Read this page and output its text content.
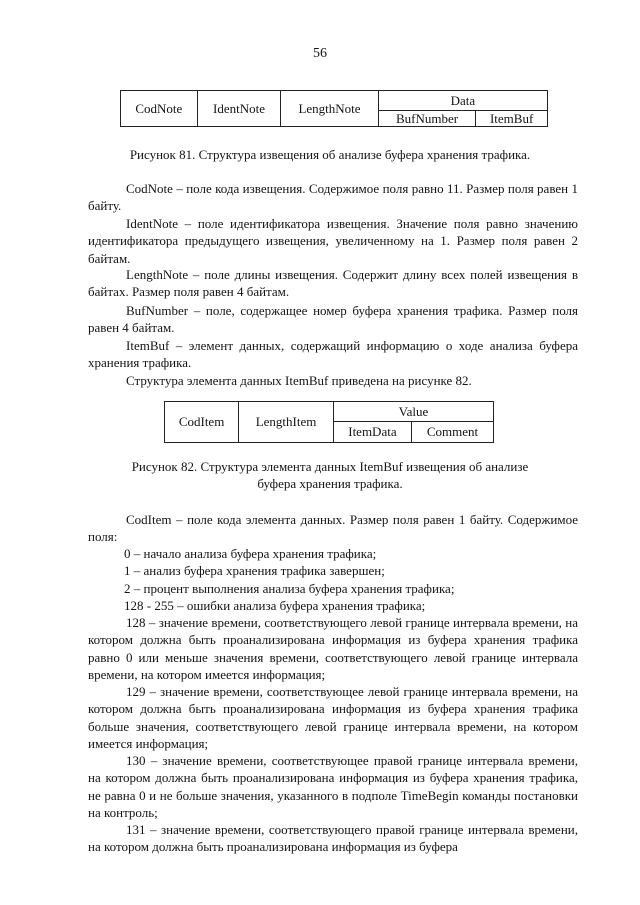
56
CodNote	IdentNote	LengthNote	Data	
			BufNumber	ItemBuf
Рисунок 81. Структура извещения об анализе буфера хранения трафика.

CodNote – поле кода извещения. Содержимое поля равно 11. Размер поля равен 1 байту.

IdentNote – поле идентификатора извещения. Значение поля равно значению идентификатора предыдущего извещения, увеличенному на 1. Размер поля равен 2 байтам.

LengthNote – поле длины извещения. Содержит длину всех полей извещения в байтах. Размер поля равен 4 байтам.

BufNumber – поле, содержащее номер буфера хранения трафика. Размер поля равен 4 байтам.

ItemBuf – элемент данных, содержащий информацию о ходе анализа буфера хранения трафика.

Структура элемента данных ItemBuf приведена на рисунке 82.

CodItem	LengthItem	Value	
		ItemData	Comment
Рисунок 82. Структура элемента данных ItemBuf извещения об анализе
буфера хранения трафика.

CodItem – поле кода элемента данных. Размер поля равен 1 байту. Содержимое поля:

0 – начало анализа буфера хранения трафика;
1 – анализ буфера хранения трафика завершен;
2 – процент выполнения анализа буфера хранения трафика;
128 - 255 – ошибки анализа буфера хранения трафика;

128 – значение времени, соответствующего левой границе интервала времени, на котором должна быть проанализирована информация из буфера хранения трафика равно 0 или меньше значения времени, соответствующего левой границе интервала времени, на котором имеется информация;

129 – значение времени, соответствующее левой границе интервала времени, на котором должна быть проанализирована информация из буфера хранения трафика больше значения, соответствующего левой границе интервала времени, на котором имеется информация;

130 – значение времени, соответствующее правой границе интервала времени, на котором должна быть проанализирована информация из буфера хранения трафика, не равна 0 и не больше значения, указанного в подполе TimeBegin команды постановки на контроль;

131 – значение времени, соответствующего правой границе интервала времени, на котором должна быть проанализирована информация из буфера
